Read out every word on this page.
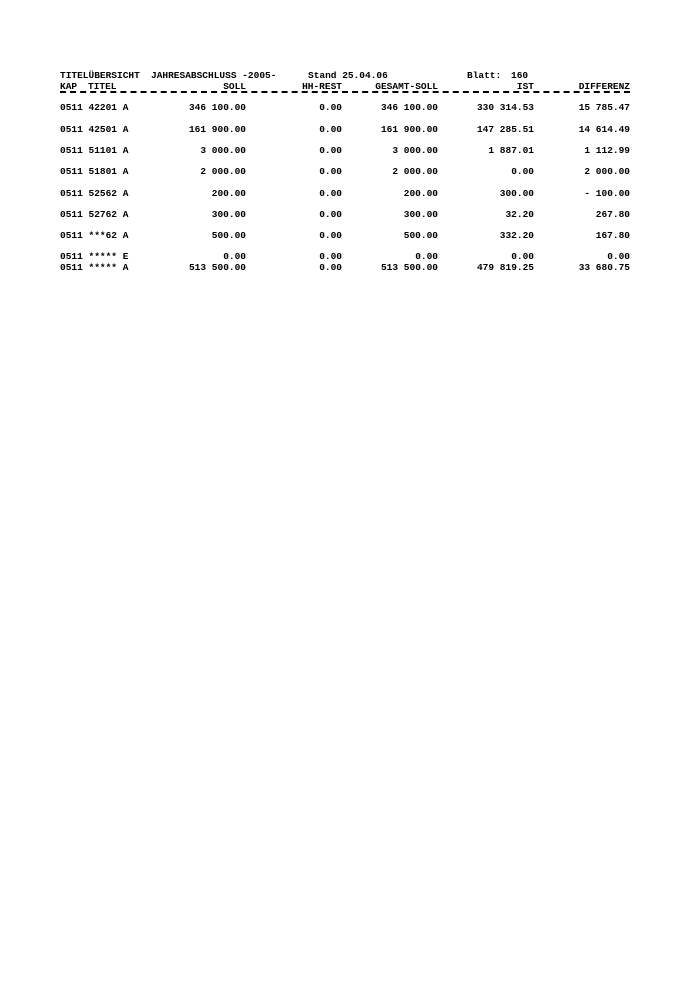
TITELÜBERSICHT JAHRESABSCHLUSS -2005-	Stand 25.04.06	Blatt: 160
KAP TITEL	SOLL	HH-REST	GESAMT-SOLL	IST	DIFFERENZ
0511 42201 A	346 100.00	0.00	346 100.00	330 314.53	15 785.47
0511 42501 A	161 900.00	0.00	161 900.00	147 285.51	14 614.49
0511 51101 A	3 000.00	0.00	3 000.00	1 887.01	1 112.99
0511 51801 A	2 000.00	0.00	2 000.00	0.00	2 000.00
0511 52562 A	200.00	0.00	200.00	300.00	- 100.00
0511 52762 A	300.00	0.00	300.00	32.20	267.80
0511 ***62 A	500.00	0.00	500.00	332.20	167.80
0511 ***** E	0.00	0.00	0.00	0.00	0.00
0511 ***** A	513 500.00	0.00	513 500.00	479 819.25	33 680.75
